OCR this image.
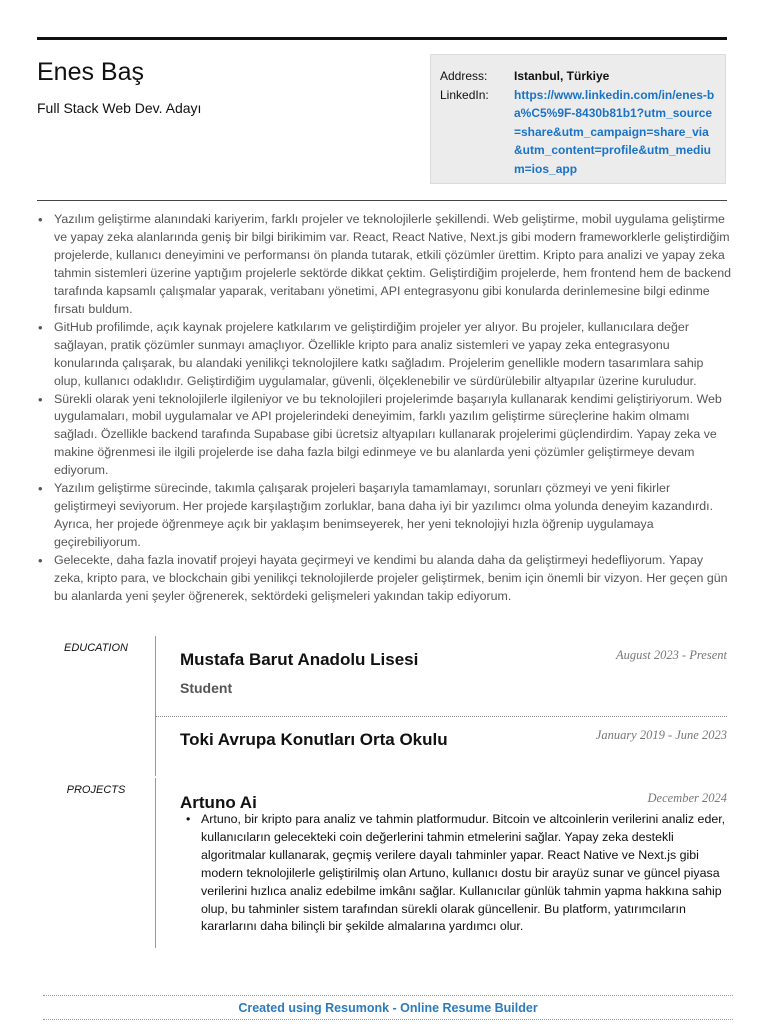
Enes Baş
Full Stack Web Dev. Adayı
Address:	Istanbul, Türkiye
LinkedIn:	https://www.linkedin.com/in/enes-ba%C5%9F-8430b81b1?utm_source=share&utm_campaign=share_via&utm_content=profile&utm_medium=ios_app
• Yazılım geliştirme alanındaki kariyerim, farklı projeler ve teknolojilerle şekillendi. Web geliştirme, mobil uygulama geliştirme ve yapay zeka alanlarında geniş bir bilgi birikimim var. React, React Native, Next.js gibi modern frameworklerle geliştirdiğim projelerde, kullanıcı deneyimini ve performansı ön planda tutarak, etkili çözümler ürettim. Kripto para analizi ve yapay zeka tahmin sistemleri üzerine yaptığım projelerle sektörde dikkat çektim. Geliştirdiğim projelerde, hem frontend hem de backend tarafında kapsamlı çalışmalar yaparak, veritabanı yönetimi, API entegrasyonu gibi konularda derinlemesine bilgi edinme fırsatı buldum.
• GitHub profilimde, açık kaynak projelere katkılarım ve geliştirdiğim projeler yer alıyor. Bu projeler, kullanıcılara değer sağlayan, pratik çözümler sunmayı amaçlıyor. Özellikle kripto para analiz sistemleri ve yapay zeka entegrasyonu konularında çalışarak, bu alandaki yenilikçi teknolojilere katkı sağladım. Projelerim genellikle modern tasarımlara sahip olup, kullanıcı odaklıdır. Geliştirdiğim uygulamalar, güvenli, ölçeklenebilir ve sürdürülebilir altyapılar üzerine kuruludur.
• Sürekli olarak yeni teknolojilerle ilgileniyor ve bu teknolojileri projelerimde başarıyla kullanarak kendimi geliştiriyorum. Web uygulamaları, mobil uygulamalar ve API projelerindeki deneyimim, farklı yazılım geliştirme süreçlerine hakim olmamı sağladı. Özellikle backend tarafında Supabase gibi ücretsiz altyapıları kullanarak projelerimi güçlendirdim. Yapay zeka ve makine öğrenmesi ile ilgili projelerde ise daha fazla bilgi edinmeye ve bu alanlarda yeni çözümler geliştirmeye devam ediyorum.
• Yazılım geliştirme sürecinde, takımla çalışarak projeleri başarıyla tamamlamayı, sorunları çözmeyi ve yeni fikirler geliştirmeyi seviyorum. Her projede karşılaştığım zorluklar, bana daha iyi bir yazılımcı olma yolunda deneyim kazandırdı. Ayrıca, her projede öğrenmeye açık bir yaklaşım benimseyerek, her yeni teknolojiyi hızla öğrenip uygulamaya geçirebiliyorum.
• Gelecekte, daha fazla inovatif projeyi hayata geçirmeyi ve kendimi bu alanda daha da geliştirmeyi hedefliyorum. Yapay zeka, kripto para, ve blockchain gibi yenilikçi teknolojilerde projeler geliştirmek, benim için önemli bir vizyon. Her geçen gün bu alanlarda yeni şeyler öğrenerek, sektördeki gelişmeleri yakından takip ediyorum.
EDUCATION
Mustafa Barut Anadolu Lisesi	August 2023 - Present
Student
Toki Avrupa Konutları Orta Okulu	January 2019 - June 2023
PROJECTS
Artuno Ai	December 2024
• Artuno, bir kripto para analiz ve tahmin platformudur. Bitcoin ve altcoinlerin verilerini analiz eder, kullanıcıların gelecekteki coin değerlerini tahmin etmelerini sağlar. Yapay zeka destekli algoritmalar kullanarak, geçmiş verilere dayalı tahminler yapar. React Native ve Next.js gibi modern teknolojilerle geliştirilmiş olan Artuno, kullanıcı dostu bir arayüz sunar ve güncel piyasa verilerini hızlıca analiz edebilme imkânı sağlar. Kullanıcılar günlük tahmin yapma hakkına sahip olup, bu tahminler sistem tarafından sürekli olarak güncellenir. Bu platform, yatırımcıların kararlarını daha bilinçli bir şekilde almalarına yardımcı olur.
Created using Resumonk - Online Resume Builder
